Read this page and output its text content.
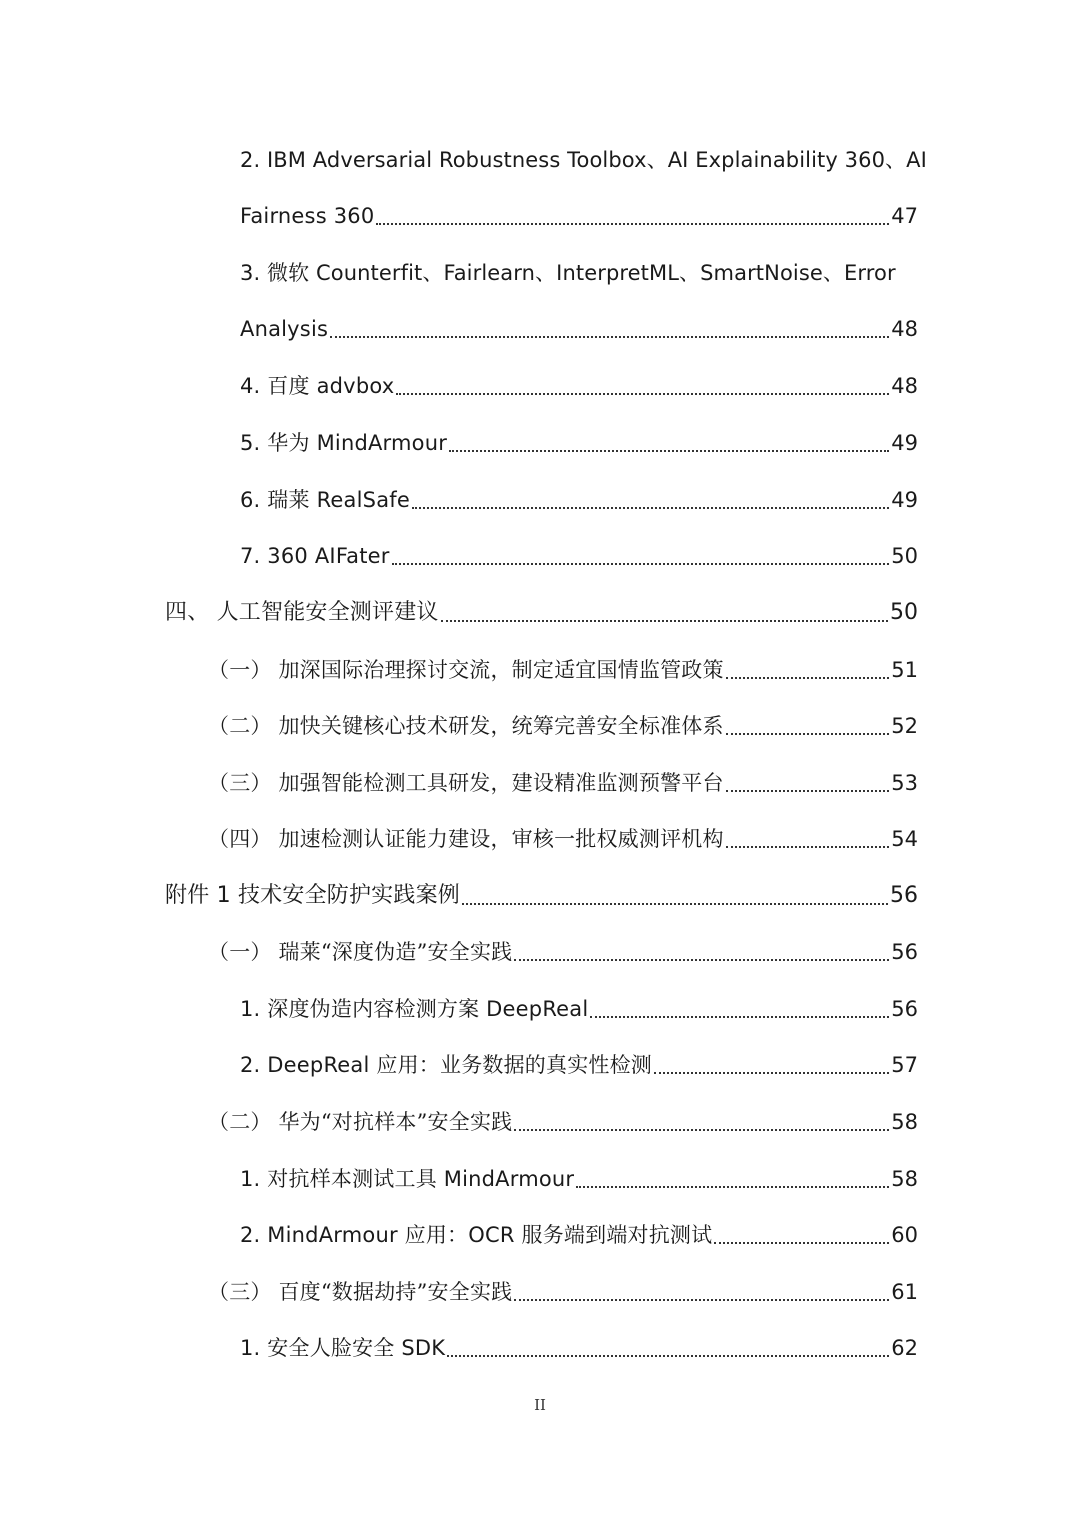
2. IBM Adversarial Robustness Toolbox、AI Explainability 360、AI
Fairness 360	47
3. 微软 Counterfit、Fairlearn、InterpretML、SmartNoise、Error
Analysis	48
4. 百度 advbox	48
5. 华为 MindArmour	49
6. 瑞莱 RealSafe	49
7. 360 AIFater	50
四、 人工智能安全测评建议	50
（一） 加深国际治理探讨交流，制定适宜国情监管政策	51
（二） 加快关键核心技术研发，统筹完善安全标准体系	52
（三） 加强智能检测工具研发，建设精准监测预警平台	53
（四） 加速检测认证能力建设，审核一批权威测评机构	54
附件 1 技术安全防护实践案例	56
（一） 瑞莱“深度伪造”安全实践	56
1. 深度伪造内容检测方案 DeepReal	56
2. DeepReal 应用：业务数据的真实性检测	57
（二） 华为“对抗样本”安全实践	58
1. 对抗样本测试工具 MindArmour	58
2. MindArmour 应用：OCR 服务端到端对抗测试	60
（三） 百度“数据劫持”安全实践	61
1. 安全人脸安全 SDK	62
II
